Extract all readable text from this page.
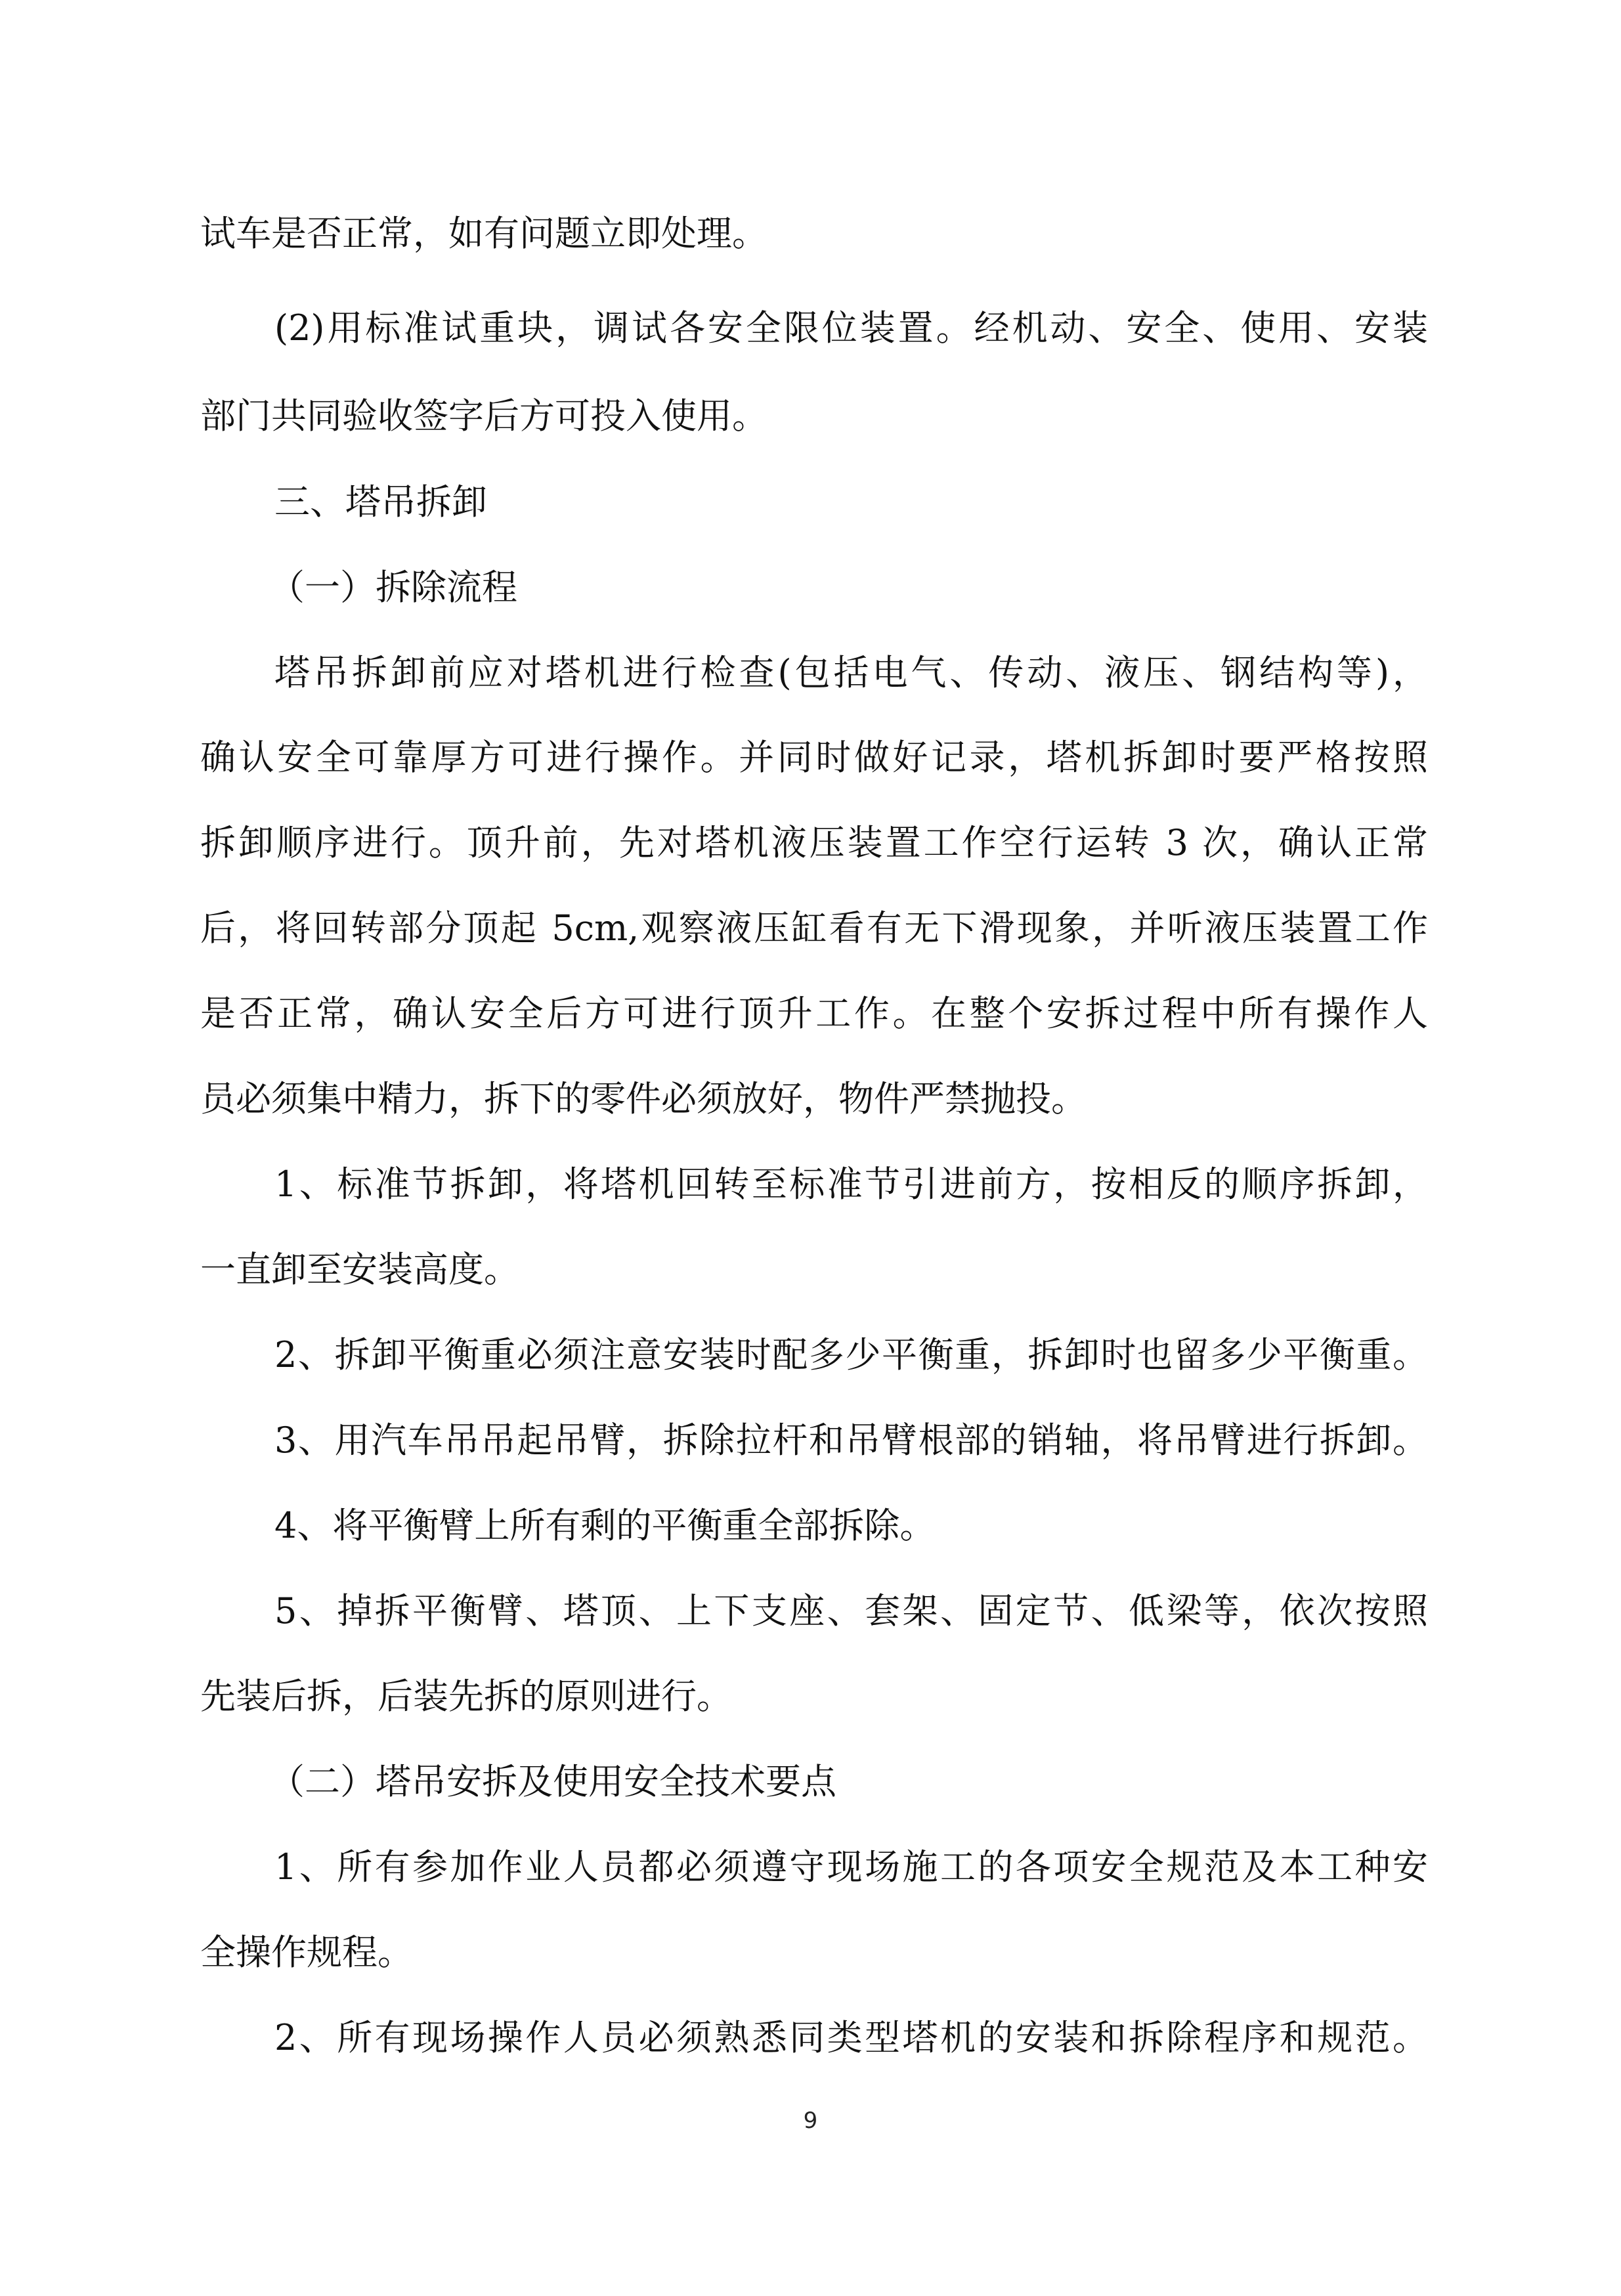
试车是否正常，如有问题立即处理。
(2)用标准试重块，调试各安全限位装置。经机动、安全、使用、安装
部门共同验收签字后方可投入使用。
三、塔吊拆卸
（一）拆除流程
塔吊拆卸前应对塔机进行检查(包括电气、传动、液压、钢结构等)，
确认安全可靠厚方可进行操作。并同时做好记录，塔机拆卸时要严格按照
拆卸顺序进行。顶升前，先对塔机液压装置工作空行运转 3 次，确认正常
后，将回转部分顶起 5cm,观察液压缸看有无下滑现象，并听液压装置工作
是否正常，确认安全后方可进行顶升工作。在整个安拆过程中所有操作人
员必须集中精力，拆下的零件必须放好，物件严禁抛投。
1、标准节拆卸，将塔机回转至标准节引进前方，按相反的顺序拆卸，
一直卸至安装高度。
2、拆卸平衡重必须注意安装时配多少平衡重，拆卸时也留多少平衡重。
3、用汽车吊吊起吊臂，拆除拉杆和吊臂根部的销轴，将吊臂进行拆卸。
4、将平衡臂上所有剩的平衡重全部拆除。
5、掉拆平衡臂、塔顶、上下支座、套架、固定节、低梁等，依次按照
先装后拆，后装先拆的原则进行。
（二）塔吊安拆及使用安全技术要点
1、所有参加作业人员都必须遵守现场施工的各项安全规范及本工种安
全操作规程。
2、所有现场操作人员必须熟悉同类型塔机的安装和拆除程序和规范。
9
